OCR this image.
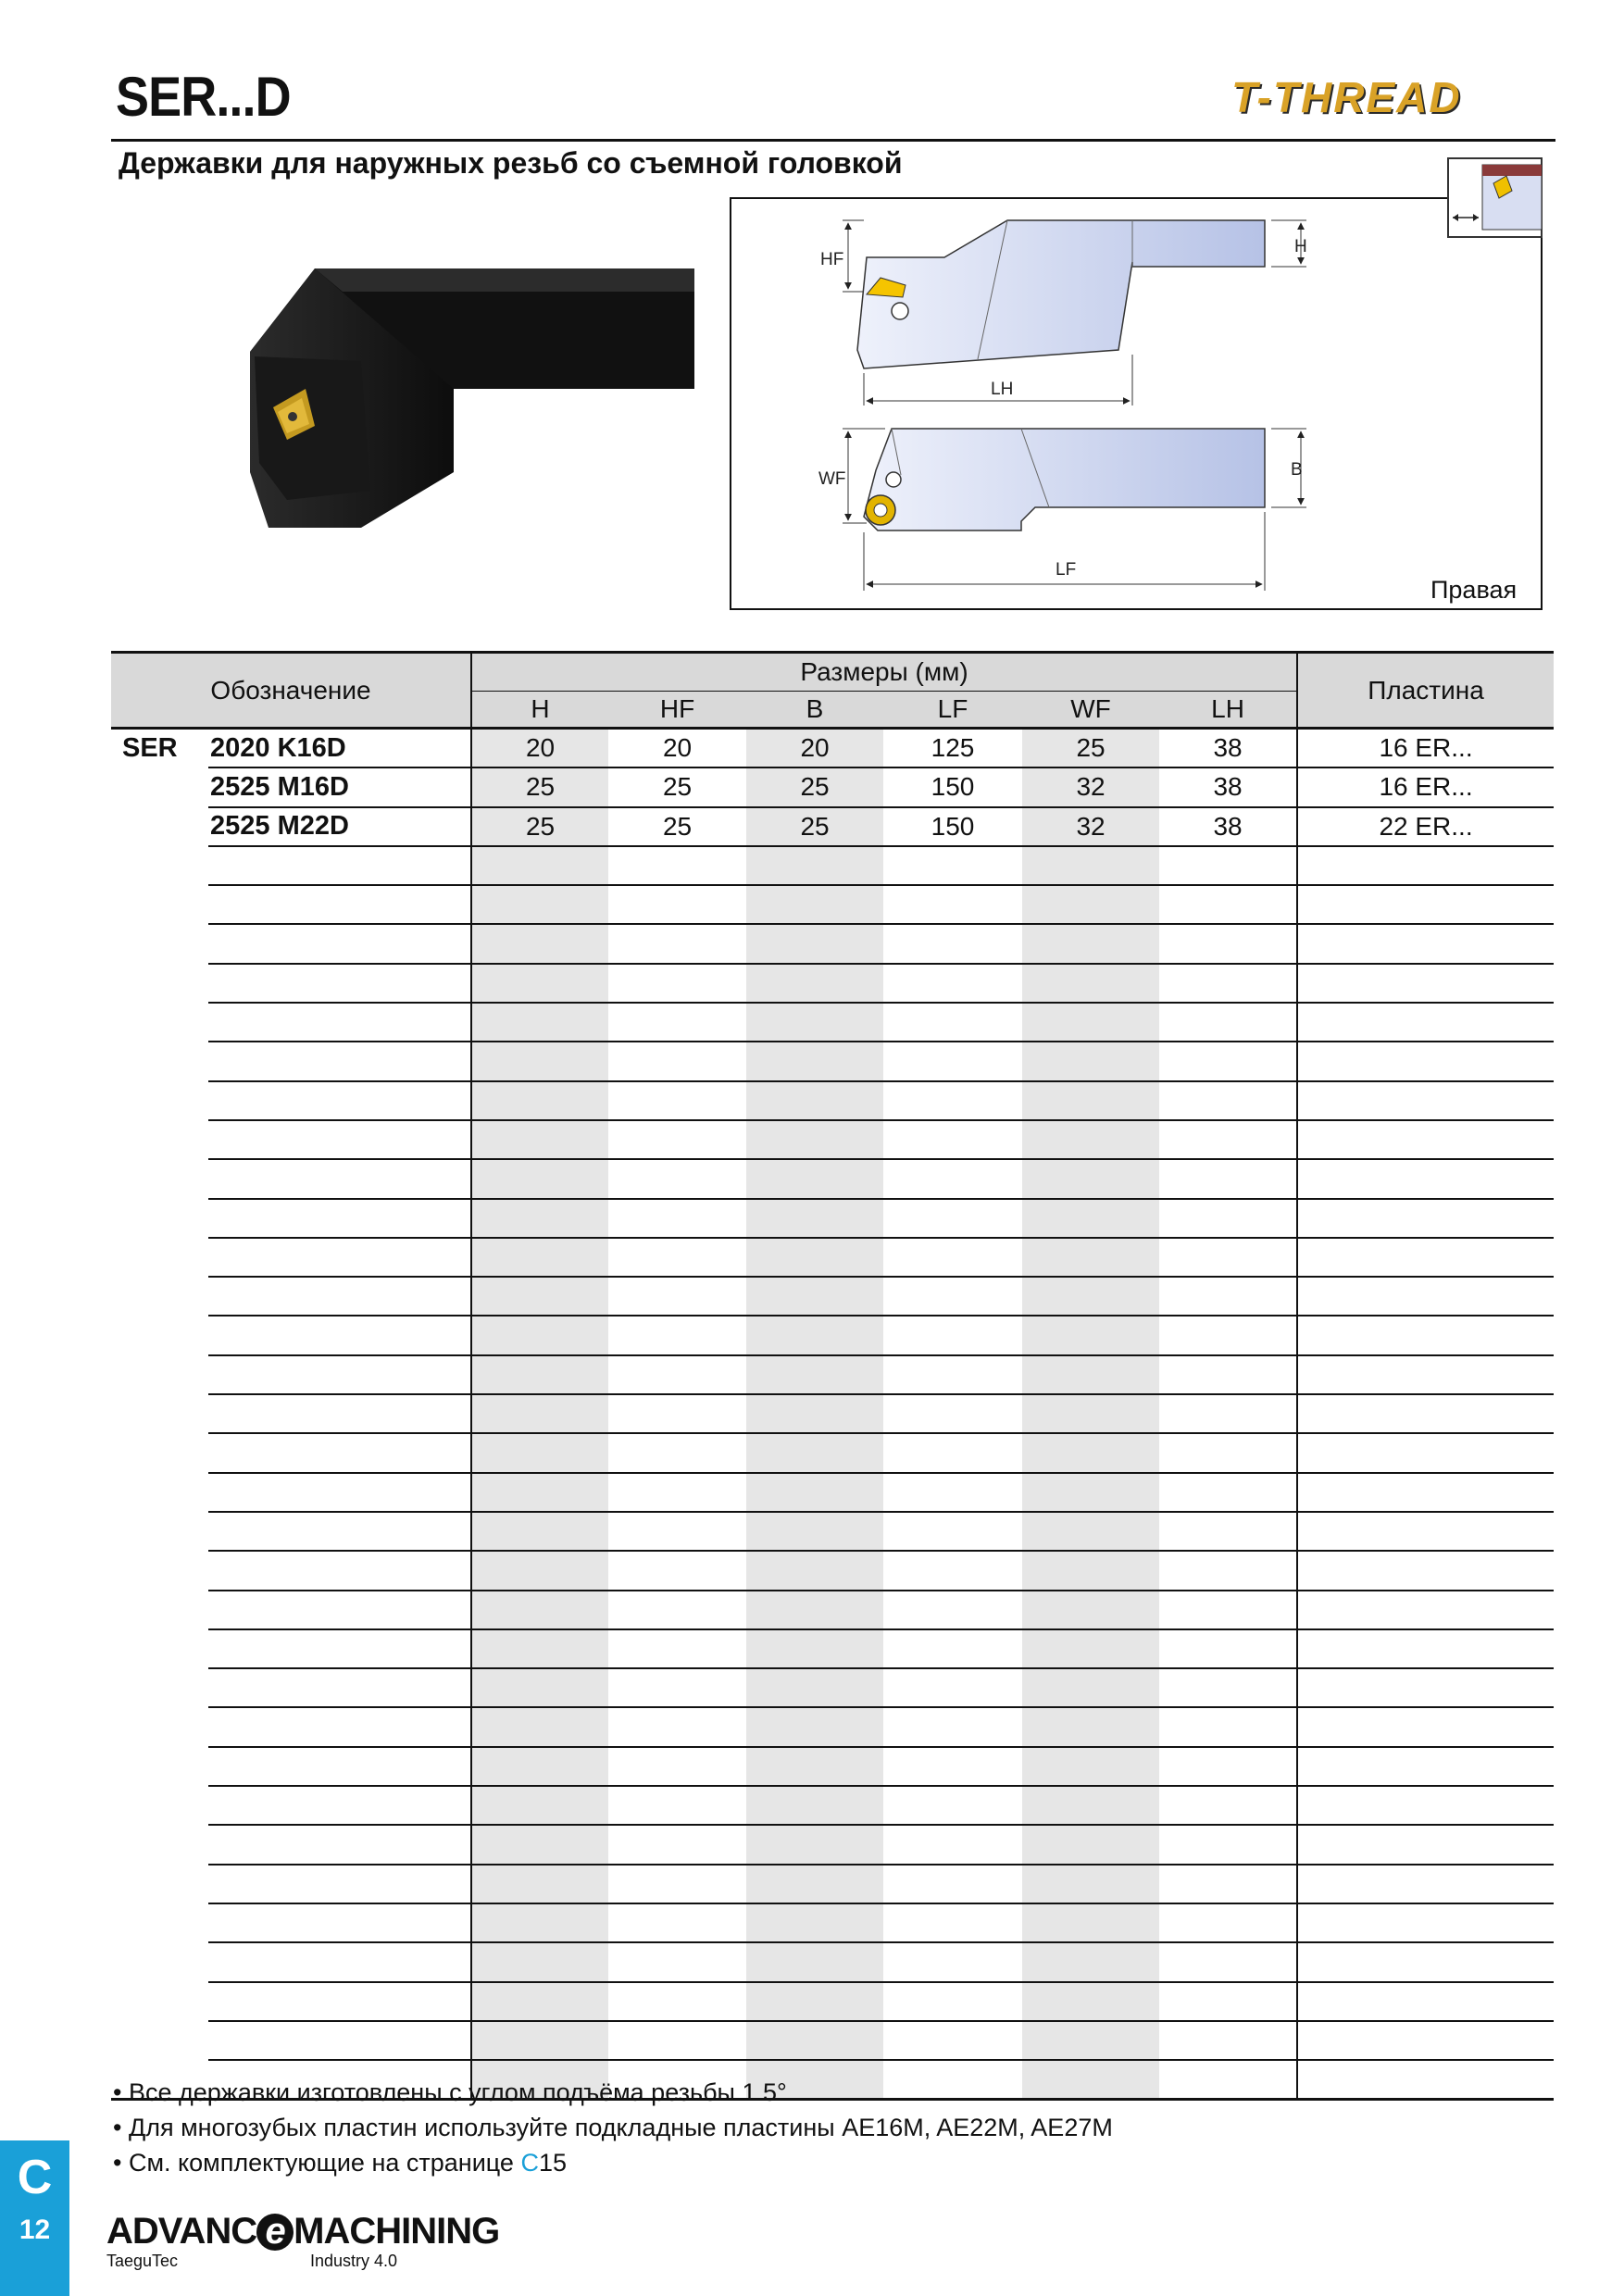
SER...D	T-THREAD
Державки для наружных резьб со съемной головкой
HF
H
LH
WF	B
LF
Правая
Обозначение		Размеры (мм)						Пластина
		H	HF	B	LF	WF	LH	
SER	2020 K16D	20	20	20	125	25	38	16 ER...
	2525 M16D	25	25	25	150	32	38	16 ER...
	2525 M22D	25	25	25	150	32	38	22 ER...

• Все державки изготовлены с углом подъёма резьбы 1.5°
• Для многозубых пластин используйте подкладные пластины AE16M, AE22M, AE27M
• См. комплектующие на странице C15
C
12	ADVANC e MACHINING
TaeguTec	Industry 4.0
